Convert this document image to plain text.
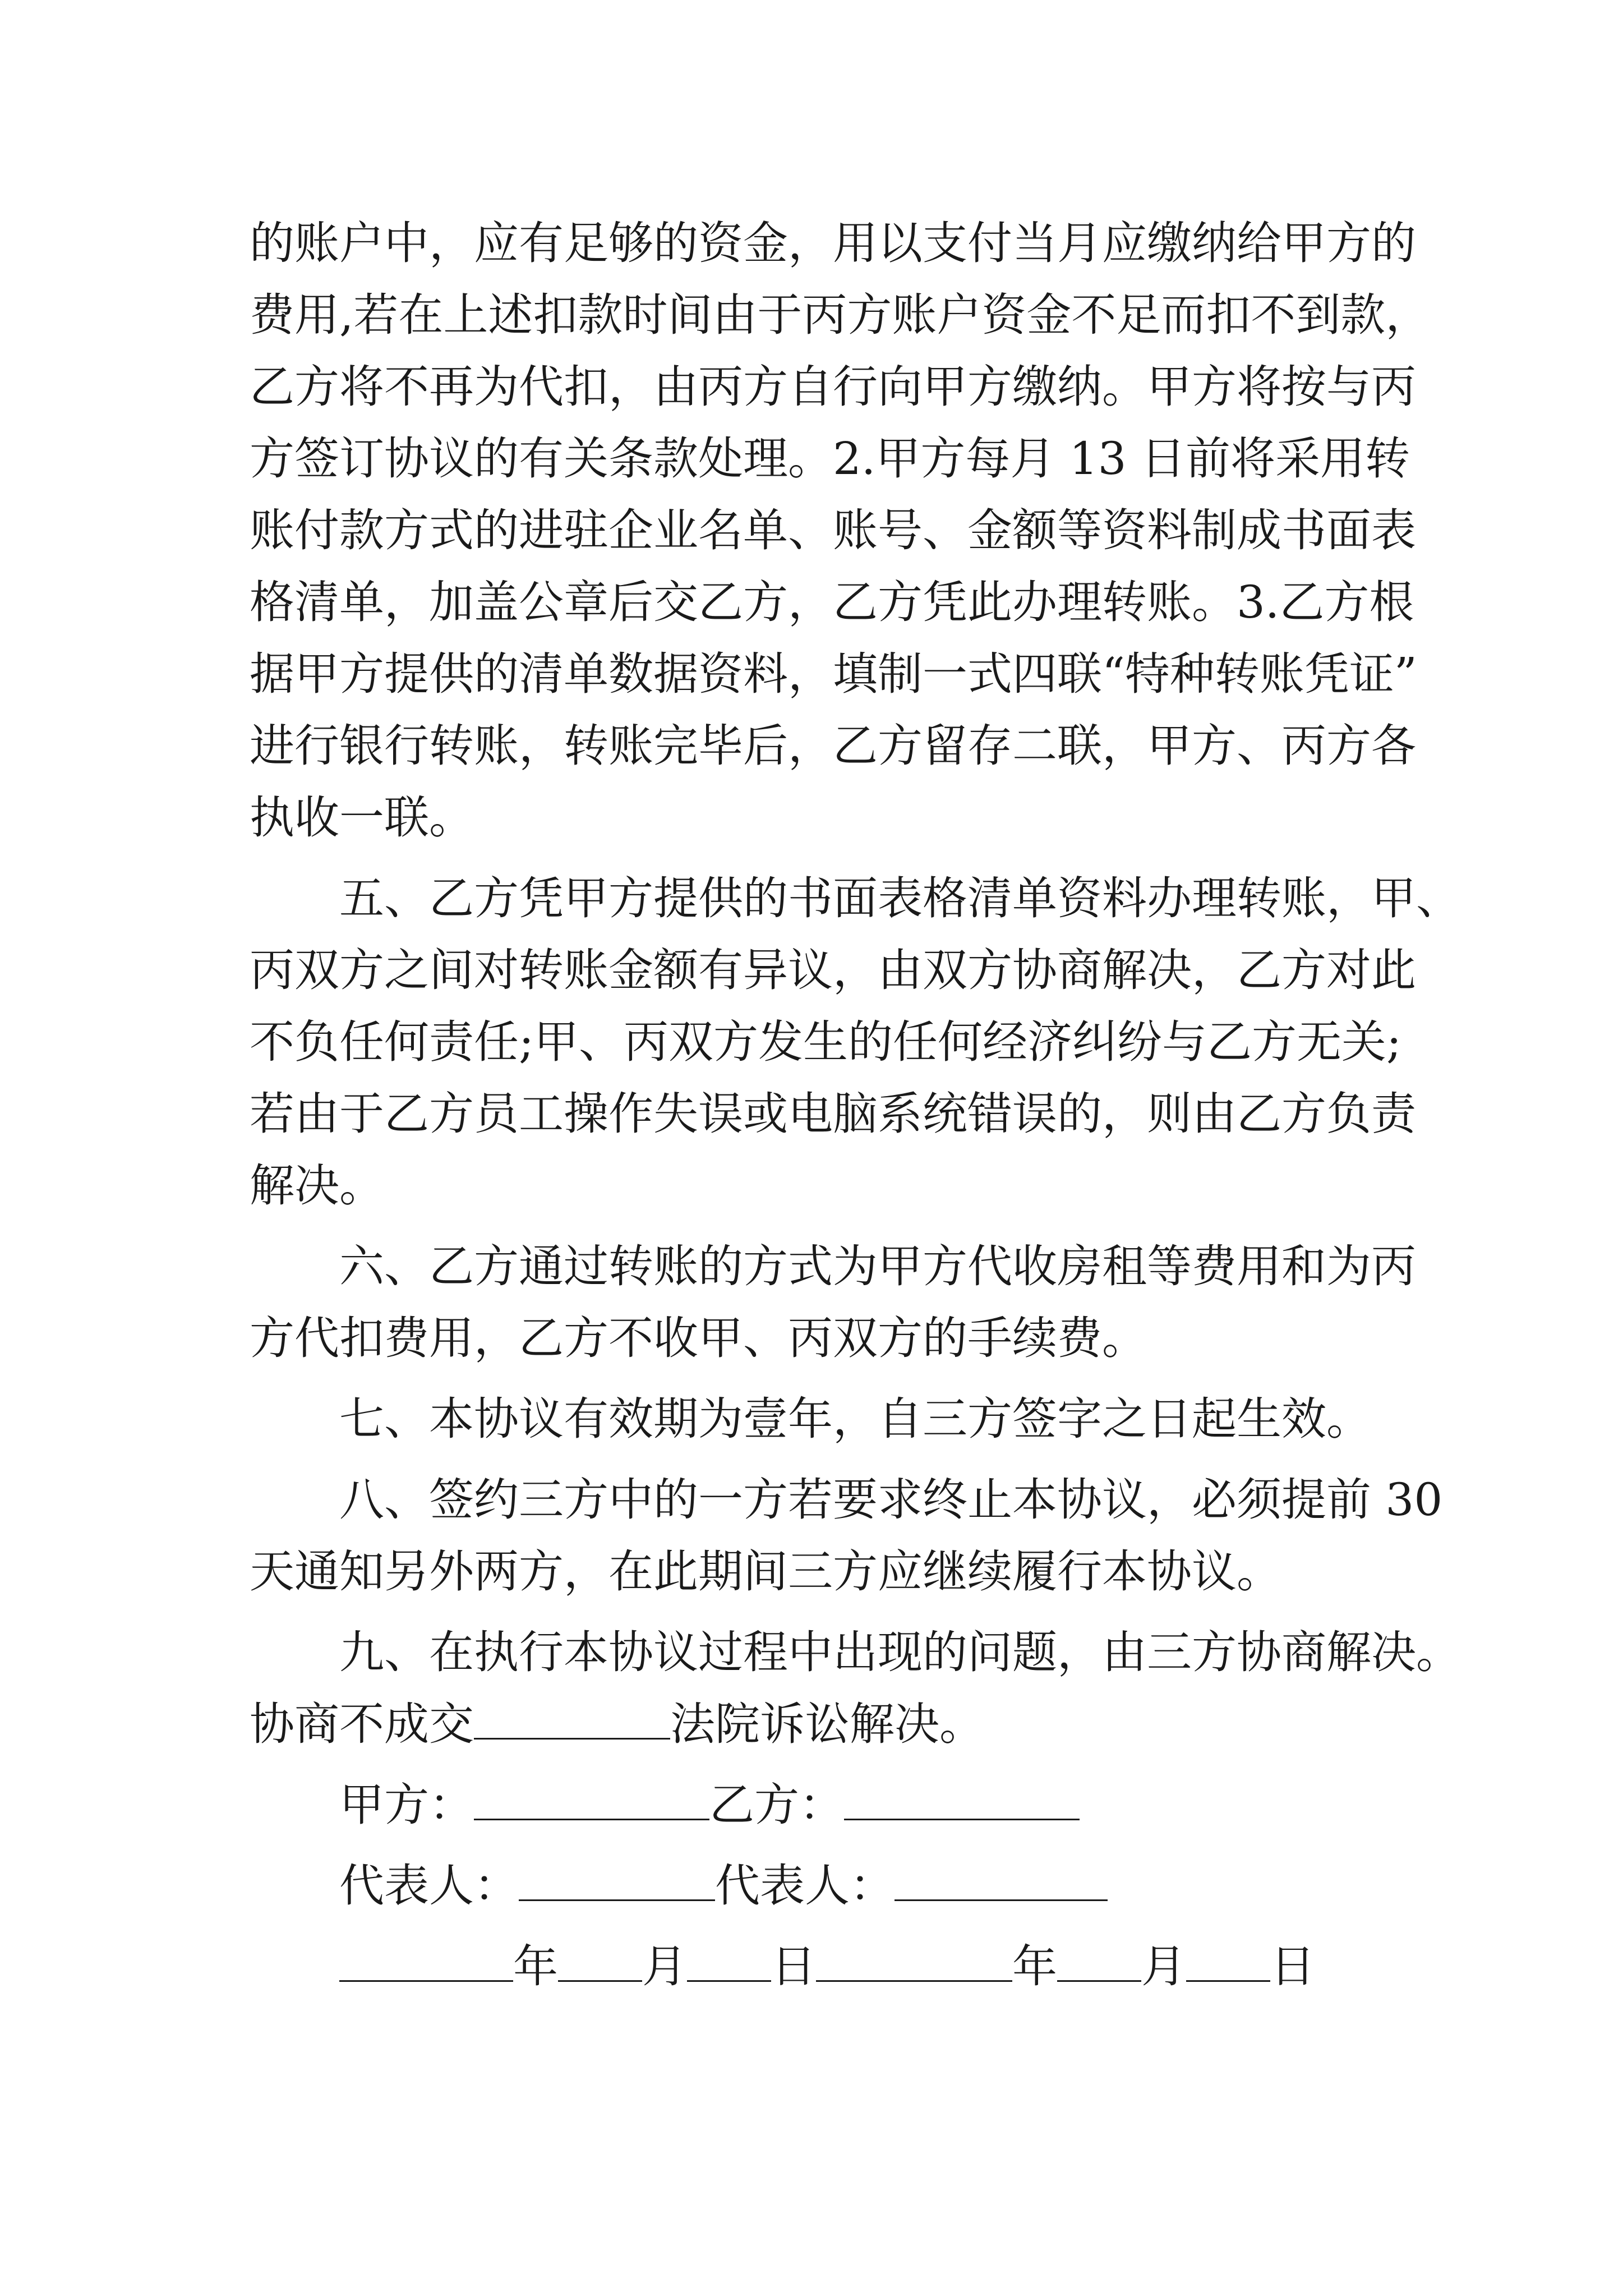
的账户中，应有足够的资金，用以支付当月应缴纳给甲方的
费用,若在上述扣款时间由于丙方账户资金不足而扣不到款，
乙方将不再为代扣，由丙方自行向甲方缴纳。甲方将按与丙
方签订协议的有关条款处理。2.甲方每月 13 日前将采用转
账付款方式的进驻企业名单、账号、金额等资料制成书面表
格清单，加盖公章后交乙方，乙方凭此办理转账。3.乙方根
据甲方提供的清单数据资料，填制一式四联“特种转账凭证”
进行银行转账，转账完毕后，乙方留存二联，甲方、丙方各
执收一联。
五、乙方凭甲方提供的书面表格清单资料办理转账，甲、
丙双方之间对转账金额有异议，由双方协商解决，乙方对此
不负任何责任;甲、丙双方发生的任何经济纠纷与乙方无关;
若由于乙方员工操作失误或电脑系统错误的，则由乙方负责
解决。
六、乙方通过转账的方式为甲方代收房租等费用和为丙
方代扣费用，乙方不收甲、丙双方的手续费。
七、本协议有效期为壹年，自三方签字之日起生效。
八、签约三方中的一方若要求终止本协议，必须提前 30
天通知另外两方，在此期间三方应继续履行本协议。
九、在执行本协议过程中出现的问题，由三方协商解决。
协商不成交	法院诉讼解决。
甲方：	乙方：
代表人：	代表人：
年 月 日	年 月 日
